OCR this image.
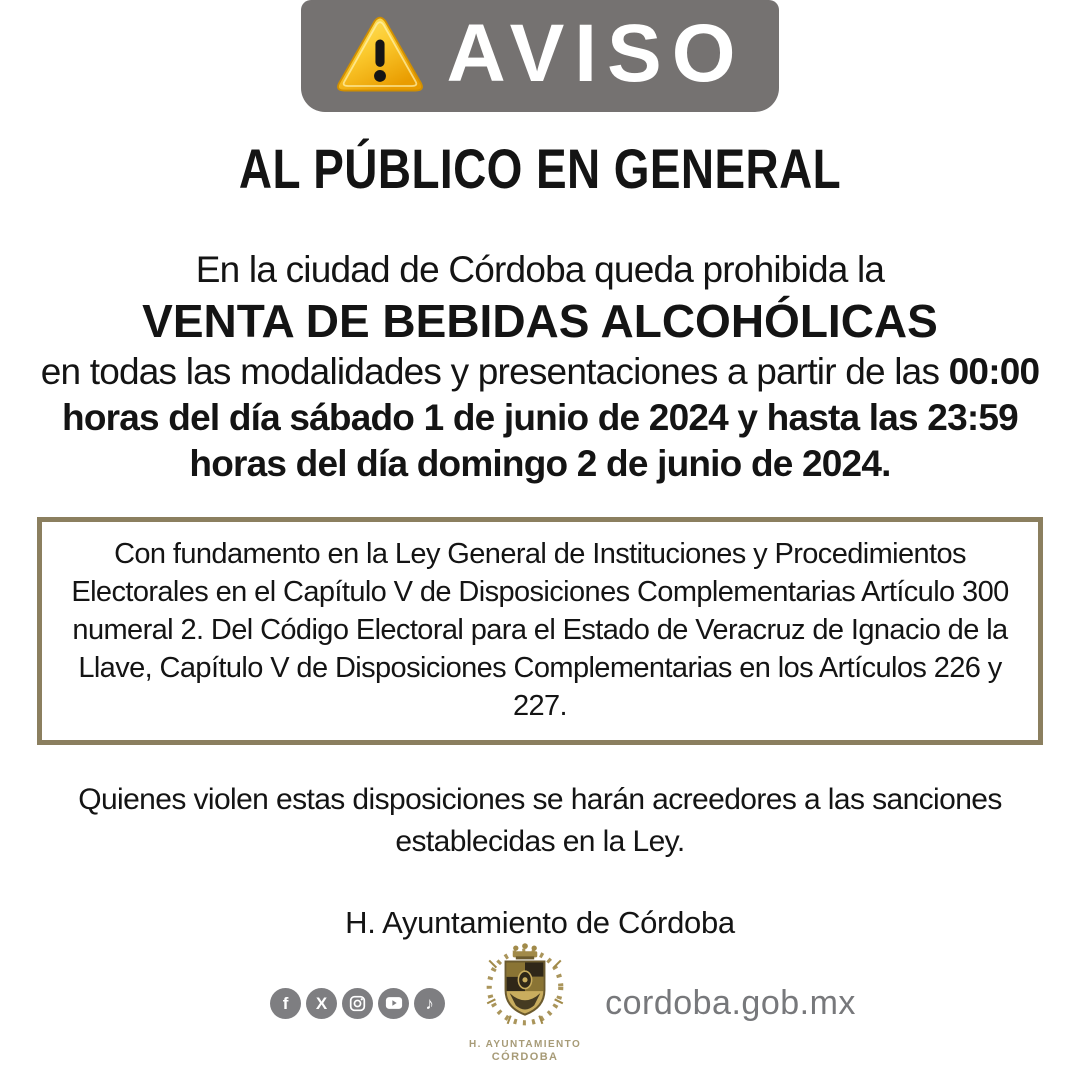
AVISO
AL PÚBLICO EN GENERAL
En la ciudad de Córdoba queda prohibida la
VENTA DE BEBIDAS ALCOHÓLICAS
en todas las modalidades y presentaciones a partir de las 00:00
horas del día sábado 1 de junio de 2024 y hasta las 23:59
horas del día domingo 2 de junio de 2024.
Con fundamento en la Ley General de Instituciones y Procedimientos
Electorales en el Capítulo V de Disposiciones Complementarias Artículo 300
numeral 2. Del Código Electoral para el Estado de Veracruz de Ignacio de la
Llave, Capítulo V de Disposiciones Complementarias en los Artículos 226 y
227.
Quienes violen estas disposiciones se harán acreedores a las sanciones
establecidas en la Ley.
H. Ayuntamiento de Córdoba
f X	♪
H. AYUNTAMIENTO
CÓRDOBA
cordoba.gob.mx
